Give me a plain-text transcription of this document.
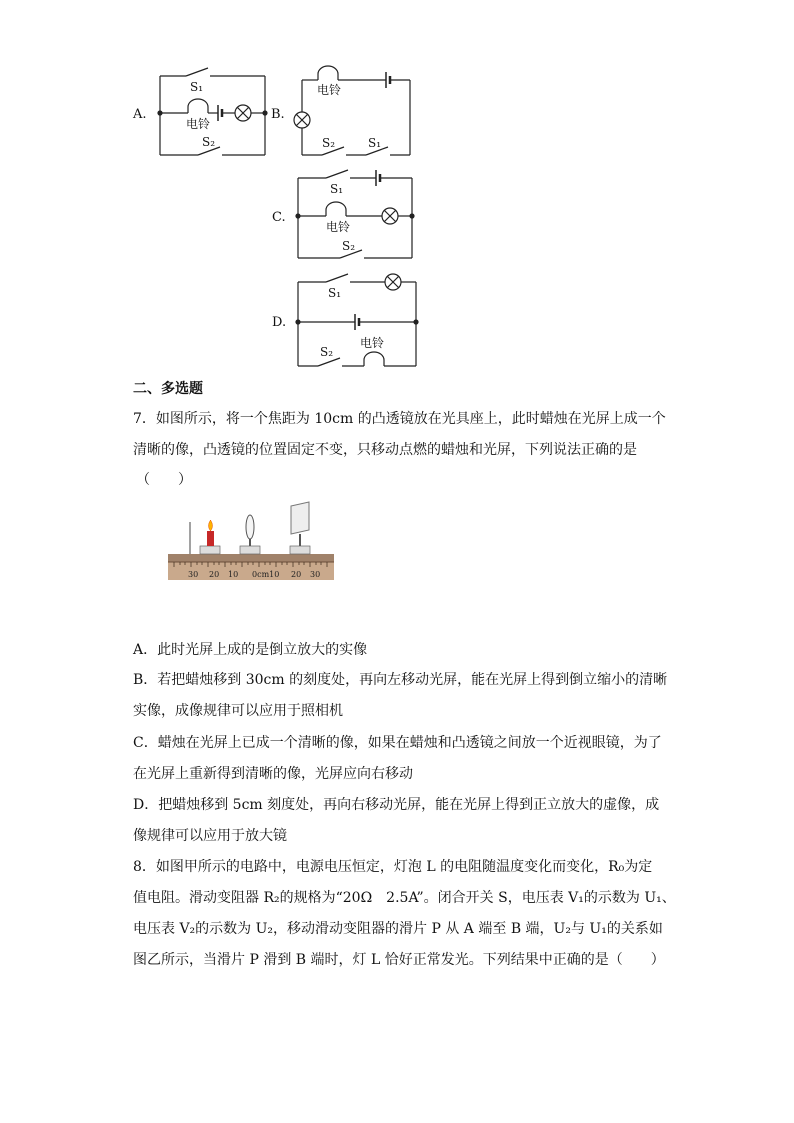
A.
S₁
电铃
S₂
B.
电铃
S₂	S₁
C.
S₁
电铃
S₂
D.
S₁
S₂
电铃
二、多选题
7．如图所示，将一个焦距为 10cm 的凸透镜放在光具座上，此时蜡烛在光屏上成一个
清晰的像，凸透镜的位置固定不变，只移动点燃的蜡烛和光屏，下列说法正确的是
（　　）
30 20 10 0cm10 20 30
A．此时光屏上成的是倒立放大的实像
B．若把蜡烛移到 30cm 的刻度处，再向左移动光屏，能在光屏上得到倒立缩小的清晰
实像，成像规律可以应用于照相机
C．蜡烛在光屏上已成一个清晰的像，如果在蜡烛和凸透镜之间放一个近视眼镜，为了
在光屏上重新得到清晰的像，光屏应向右移动
D．把蜡烛移到 5cm 刻度处，再向右移动光屏，能在光屏上得到正立放大的虚像，成
像规律可以应用于放大镜
8．如图甲所示的电路中，电源电压恒定，灯泡 L 的电阻随温度变化而变化，R₀为定
值电阻。滑动变阻器 R₂的规格为“20Ω　2.5A”。闭合开关 S，电压表 V₁的示数为 U₁、
电压表 V₂的示数为 U₂，移动滑动变阻器的滑片 P 从 A 端至 B 端，U₂与 U₁的关系如
图乙所示，当滑片 P 滑到 B 端时，灯 L 恰好正常发光。下列结果中正确的是（　　）
